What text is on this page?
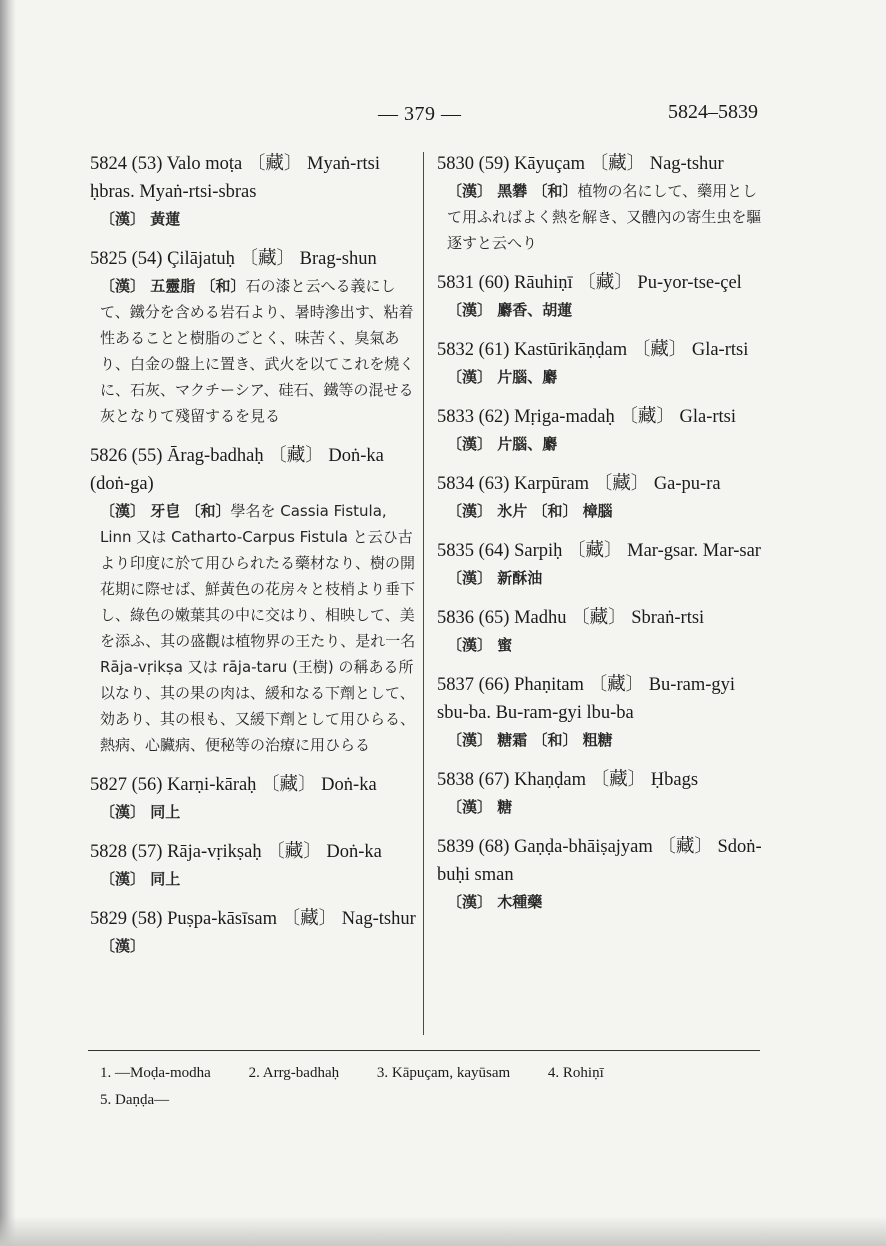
— 379 —	5824–5839
5824 (53) Valo moṭa 〔藏〕 Myaṅ-rtsi ḥbras. Myaṅ-rtsi-sbras
〔漢〕 黃蓮
5825 (54) Çilājatuḥ 〔藏〕 Brag-shun
〔漢〕 五靈脂 〔和〕石の漆と云へる義にして、鐵分を含める岩石より、暑時滲出す、粘着性あることと樹脂のごとく、味苦く、臭氣あり、白金の盤上に置き、武火を以てこれを燒くに、石灰、マクチーシア、硅石、鐵等の混せる灰となりて殘留するを見る
5826 (55) Ārag-badhaḥ 〔藏〕 Doṅ-ka (doṅ-ga)
〔漢〕 牙皀 〔和〕學名を Cassia Fistula, Linn 又は Catharto-Carpus Fistula と云ひ古より印度に於て用ひられたる藥材なり、樹の開花期に際せば、鮮黃色の花房々と枝梢より垂下し、綠色の嫩葉其の中に交はり、相映して、美を添ふ、其の盛觀は植物界の王たり、是れ一名 Rāja-vṛikṣa 又は rāja-taru (王樹) の稱ある所以なり、其の果の肉は、緩和なる下劑として、効あり、其の根も、又緩下劑として用ひらる、熱病、心臟病、便秘等の治療に用ひらる
5827 (56) Karṇi-kāraḥ 〔藏〕 Doṅ-ka
〔漢〕 同上
5828 (57) Rāja-vṛikṣaḥ 〔藏〕 Doṅ-ka
〔漢〕 同上
5829 (58) Puṣpa-kāsīsam 〔藏〕 Nag-tshur
〔漢〕
5830 (59) Kāyuçam 〔藏〕 Nag-tshur
〔漢〕 黑礬 〔和〕植物の名にして、藥用として用ふればよく熱を解き、又體內の寄生虫を驅逐すと云へり
5831 (60) Rāuhiṇī 〔藏〕 Pu-yor-tse-çel
〔漢〕 麝香、胡蓮
5832 (61) Kastūrikāṇḍam 〔藏〕 Gla-rtsi
〔漢〕 片腦、麝
5833 (62) Mṛiga-madaḥ 〔藏〕 Gla-rtsi
〔漢〕 片腦、麝
5834 (63) Karpūram 〔藏〕 Ga-pu-ra
〔漢〕 氷片 〔和〕 樟腦
5835 (64) Sarpiḥ 〔藏〕 Mar-gsar. Mar-sar
〔漢〕 新酥油
5836 (65) Madhu 〔藏〕 Sbraṅ-rtsi
〔漢〕 蜜
5837 (66) Phaṇitam 〔藏〕 Bu-ram-gyi sbu-ba. Bu-ram-gyi lbu-ba
〔漢〕 糖霜 〔和〕 粗糖
5838 (67) Khaṇḍam 〔藏〕 Ḥbags
〔漢〕 糖
5839 (68) Gaṇḍa-bhāiṣajyam 〔藏〕 Sdoṅ-buḥi sman
〔漢〕 木種藥
1. —Moḍa-modha	2. Arrg-badhaḥ	3. Kāpuçam, kayūsam	4. Rohiṇī
5. Daṇḍa—
